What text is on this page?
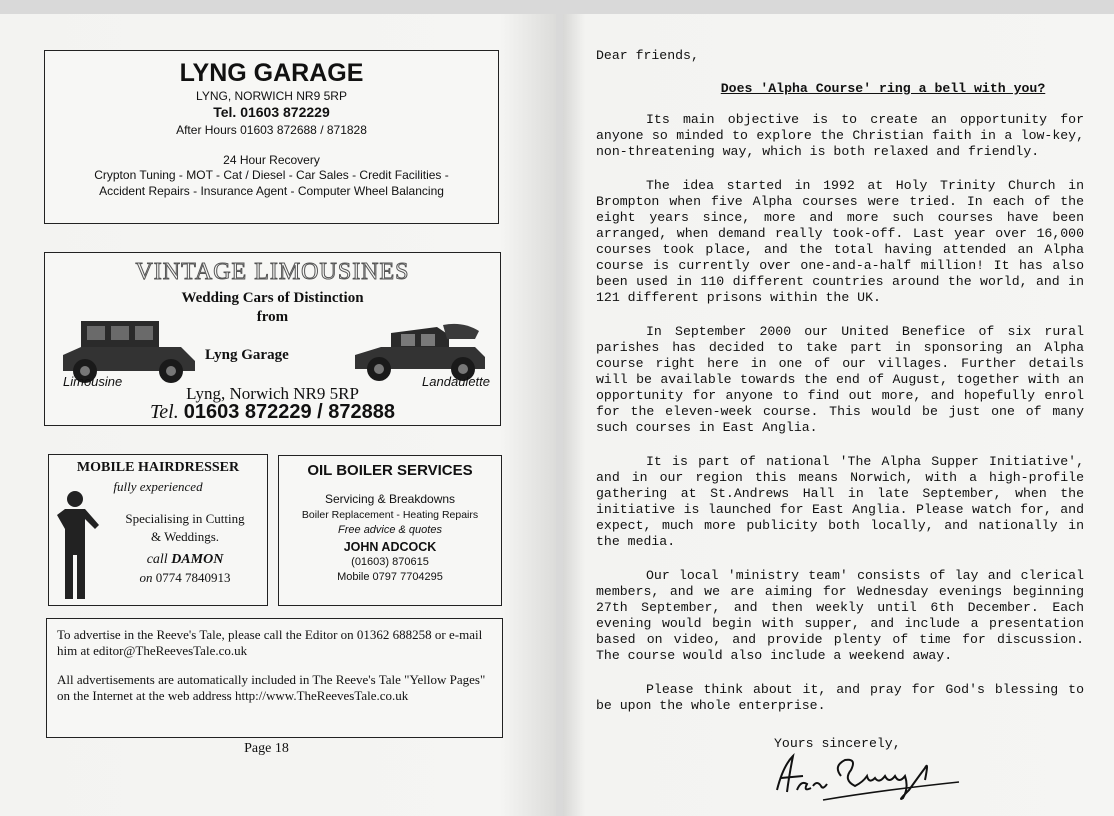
LYNG GARAGE
LYNG, NORWICH NR9 5RP
Tel. 01603 872229
After Hours 01603 872688 / 871828
24 Hour Recovery
Crypton Tuning - MOT - Cat / Diesel - Car Sales - Credit Facilities -
Accident Repairs - Insurance Agent - Computer Wheel Balancing
VINTAGE LIMOUSINES
Wedding Cars of Distinction
from
Lyng Garage
Limousine	Landaulette
Lyng, Norwich NR9 5RP
Tel. 01603 872229 / 872888
MOBILE HAIRDRESSER
fully experienced
Specialising in Cutting
& Weddings.
call DAMON
on 0774 7840913
OIL BOILER SERVICES
Servicing & Breakdowns
Boiler Replacement - Heating Repairs
Free advice & quotes
JOHN ADCOCK
(01603) 870615
Mobile 0797 7704295

To advertise in the Reeve's Tale, please call the Editor on 01362 688258 or e-mail him at editor@TheReevesTale.co.uk

All advertisements are automatically included in The Reeve's Tale "Yellow Pages" on the Internet at the web address http://www.TheReevesTale.co.uk

Page 18

Dear friends,

Does 'Alpha Course' ring a bell with you?

Its main objective is to create an opportunity for anyone so minded to explore the Christian faith in a low-key, non-threatening way, which is both relaxed and friendly.

The idea started in 1992 at Holy Trinity Church in Brompton when five Alpha courses were tried. In each of the eight years since, more and more such courses have been arranged, when demand really took-off. Last year over 16,000 courses took place, and the total having attended an Alpha course is currently over one-and-a-half million! It has also been used in 110 different countries around the world, and in 121 different prisons within the UK.

In September 2000 our United Benefice of six rural parishes has decided to take part in sponsoring an Alpha course right here in one of our villages. Further details will be available towards the end of August, together with an opportunity for anyone to find out more, and hopefully enrol for the eleven-week course. This would be just one of many such courses in East Anglia.

It is part of national 'The Alpha Supper Initiative', and in our region this means Norwich, with a high-profile gathering at St.Andrews Hall in late September, when the initiative is launched for East Anglia. Please watch for, and expect, much more publicity both locally, and nationally in the media.

Our local 'ministry team' consists of lay and clerical members, and we are aiming for Wednesday evenings beginning 27th September, and then weekly until 6th December. Each evening would begin with supper, and include a presentation based on video, and provide plenty of time for discussion. The course would also include a weekend away.

Please think about it, and pray for God's blessing to be upon the whole enterprise.

Yours sincerely,
